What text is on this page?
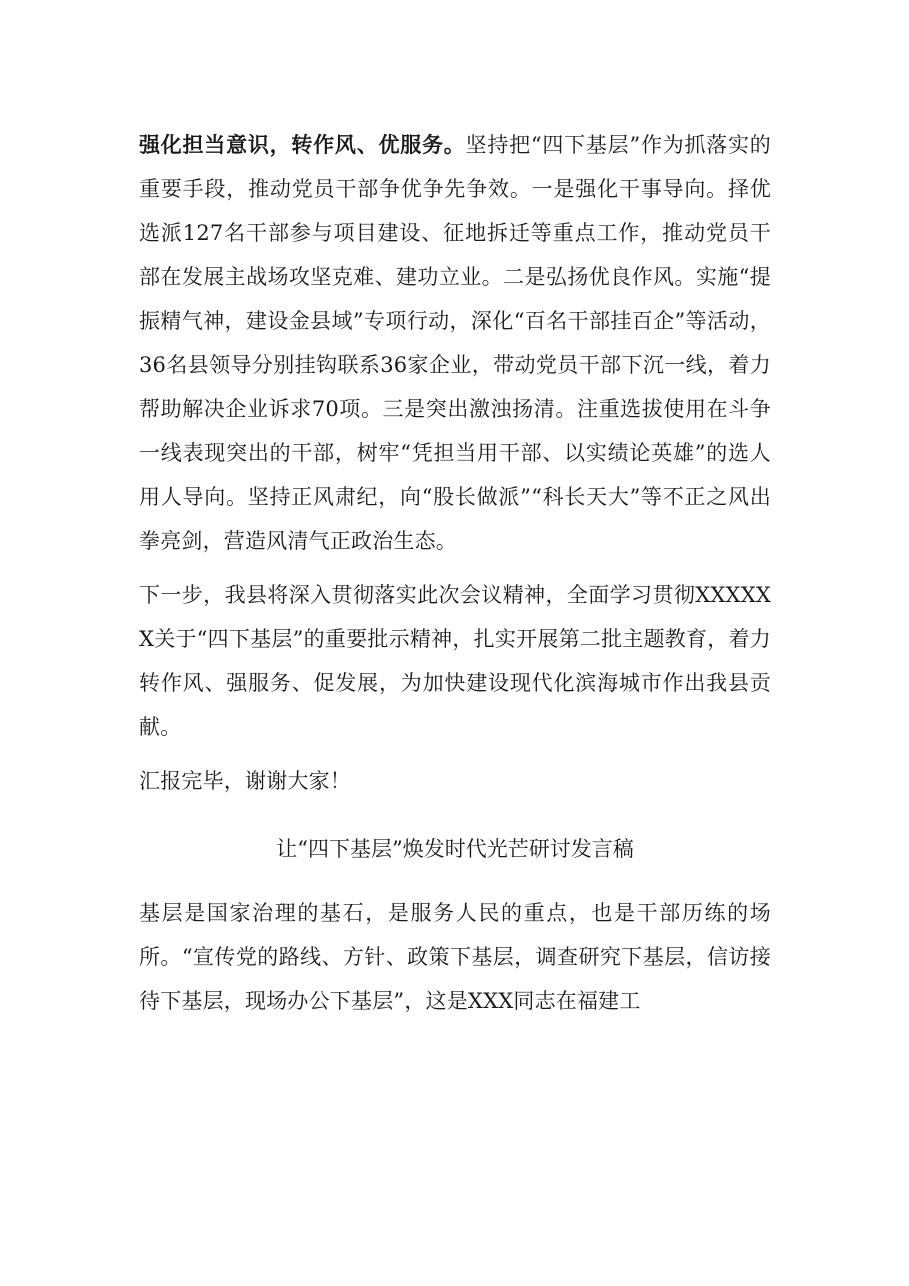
强化担当意识，转作风、优服务。坚持把“四下基层”作为抓落实的重要手段，推动党员干部争优争先争效。一是强化干事导向。择优选派127名干部参与项目建设、征地拆迁等重点工作，推动党员干部在发展主战场攻坚克难、建功立业。二是弘扬优良作风。实施“提振精气神，建设金县域”专项行动，深化“百名干部挂百企”等活动，36名县领导分别挂钩联系36家企业，带动党员干部下沉一线，着力帮助解决企业诉求70项。三是突出激浊扬清。注重选拔使用在斗争一线表现突出的干部，树牢“凭担当用干部、以实绩论英雄”的选人用人导向。坚持正风肃纪，向“股长做派”“科长天大”等不正之风出拳亮剑，营造风清气正政治生态。

下一步，我县将深入贯彻落实此次会议精神，全面学习贯彻XXXXXX关于“四下基层”的重要批示精神，扎实开展第二批主题教育，着力转作风、强服务、促发展，为加快建设现代化滨海城市作出我县贡献。

汇报完毕，谢谢大家！

让“四下基层”焕发时代光芒研讨发言稿

基层是国家治理的基石，是服务人民的重点，也是干部历练的场所。“宣传党的路线、方针、政策下基层，调查研究下基层，信访接待下基层，现场办公下基层”，这是XXX同志在福建工
